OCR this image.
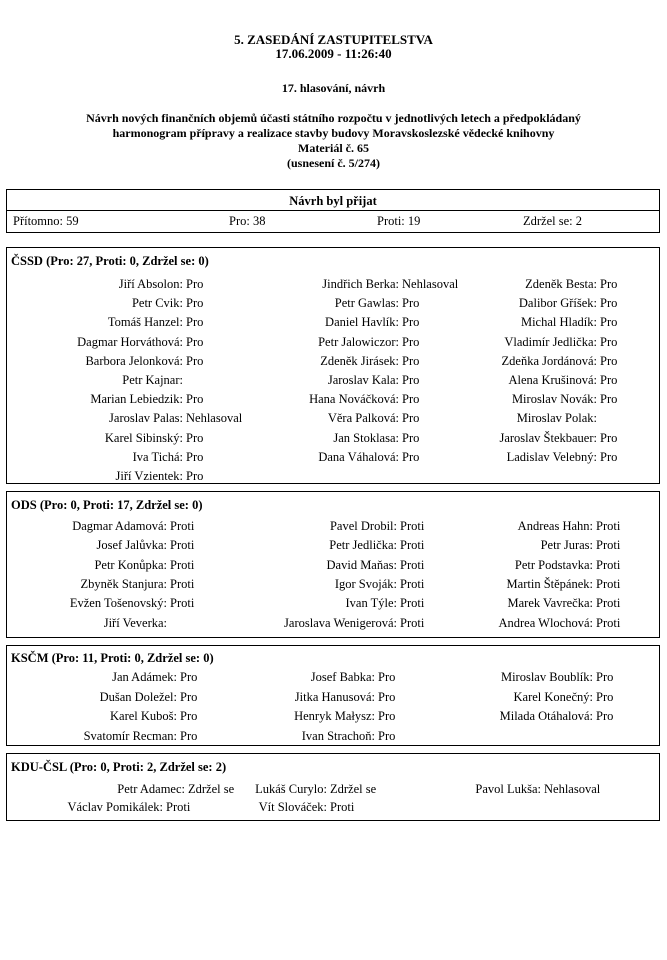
5. ZASEDÁNÍ ZASTUPITELSTVA
17.06.2009 - 11:26:40
17. hlasování, návrh
Návrh nových finančních objemů účasti státního rozpočtu v jednotlivých letech a předpokládaný
harmonogram přípravy a realizace stavby budovy Moravskoslezské vědecké knihovny
Materiál č. 65
(usnesení č. 5/274)
Návrh byl přijat
Přítomno: 59	Pro: 38	Proti: 19	Zdržel se: 2
ČSSD (Pro: 27, Proti: 0, Zdržel se: 0)
Jiří Absolon: Pro	Jindřich Berka: Nehlasoval	Zdeněk Besta: Pro
Petr Cvik: Pro	Petr Gawlas: Pro	Dalibor Gříšek: Pro
Tomáš Hanzel: Pro	Daniel Havlík: Pro	Michal Hladík: Pro
Dagmar Horváthová: Pro	Petr Jalowiczor: Pro	Vladimír Jedlička: Pro
Barbora Jelonková: Pro	Zdeněk Jirásek: Pro	Zdeňka Jordánová: Pro
Petr Kajnar:	Jaroslav Kala: Pro	Alena Krušinová: Pro
Marian Lebiedzik: Pro	Hana Nováčková: Pro	Miroslav Novák: Pro
Jaroslav Palas: Nehlasoval	Věra Palková: Pro	Miroslav Polak:
Karel Sibinský: Pro	Jan Stoklasa: Pro	Jaroslav Štekbauer: Pro
Iva Tichá: Pro	Dana Váhalová: Pro	Ladislav Velebný: Pro
Jiří Vzientek: Pro
ODS (Pro: 0, Proti: 17, Zdržel se: 0)
Dagmar Adamová: Proti	Pavel Drobil: Proti	Andreas Hahn: Proti
Josef Jalůvka: Proti	Petr Jedlička: Proti	Petr Juras: Proti
Petr Konůpka: Proti	David Maňas: Proti	Petr Podstavka: Proti
Zbyněk Stanjura: Proti	Igor Svoják: Proti	Martin Štěpánek: Proti
Evžen Tošenovský: Proti	Ivan Týle: Proti	Marek Vavrečka: Proti
Jiří Veverka:	Jaroslava Wenigerová: Proti	Andrea Wlochová: Proti
KSČM (Pro: 11, Proti: 0, Zdržel se: 0)
Jan Adámek: Pro	Josef Babka: Pro	Miroslav Boublík: Pro
Dušan Doležel: Pro	Jitka Hanusová: Pro	Karel Konečný: Pro
Karel Kuboš: Pro	Henryk Małysz: Pro	Milada Otáhalová: Pro
Svatomír Recman: Pro	Ivan Strachoň: Pro
KDU-ČSL (Pro: 0, Proti: 2, Zdržel se: 2)
Petr Adamec: Zdržel se	Lukáš Curylo: Zdržel se	Pavol Lukša: Nehlasoval
Václav Pomikálek: Proti	Vít Slováček: Proti
